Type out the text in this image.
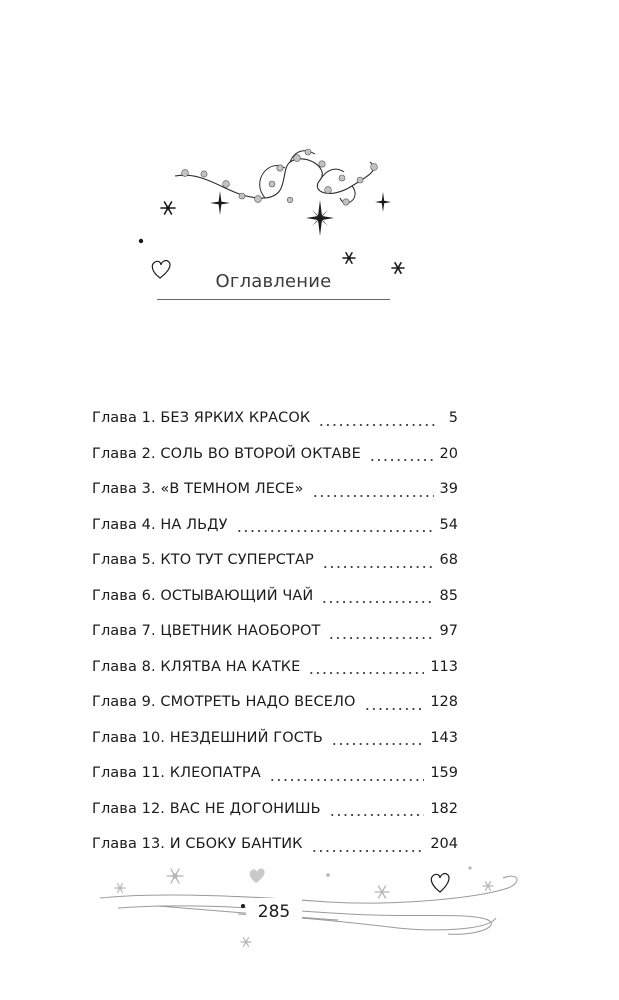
Оглавление
Глава 1. БЕЗ ЯРКИХ КРАСОК	5
Глава 2. СОЛЬ ВО ВТОРОЙ ОКТАВЕ	20
Глава 3. «В ТЕМНОМ ЛЕСЕ»	39
Глава 4. НА ЛЬДУ	54
Глава 5. КТО ТУТ СУПЕРСТАР	68
Глава 6. ОСТЫВАЮЩИЙ ЧАЙ	85
Глава 7. ЦВЕТНИК НАОБОРОТ	97
Глава 8. КЛЯТВА НА КАТКЕ	113
Глава 9. СМОТРЕТЬ НАДО ВЕСЕЛО	128
Глава 10. НЕЗДЕШНИЙ ГОСТЬ	143
Глава 11. КЛЕОПАТРА	159
Глава 12. ВАС НЕ ДОГОНИШЬ	182
Глава 13. И СБОКУ БАНТИК	204
285
